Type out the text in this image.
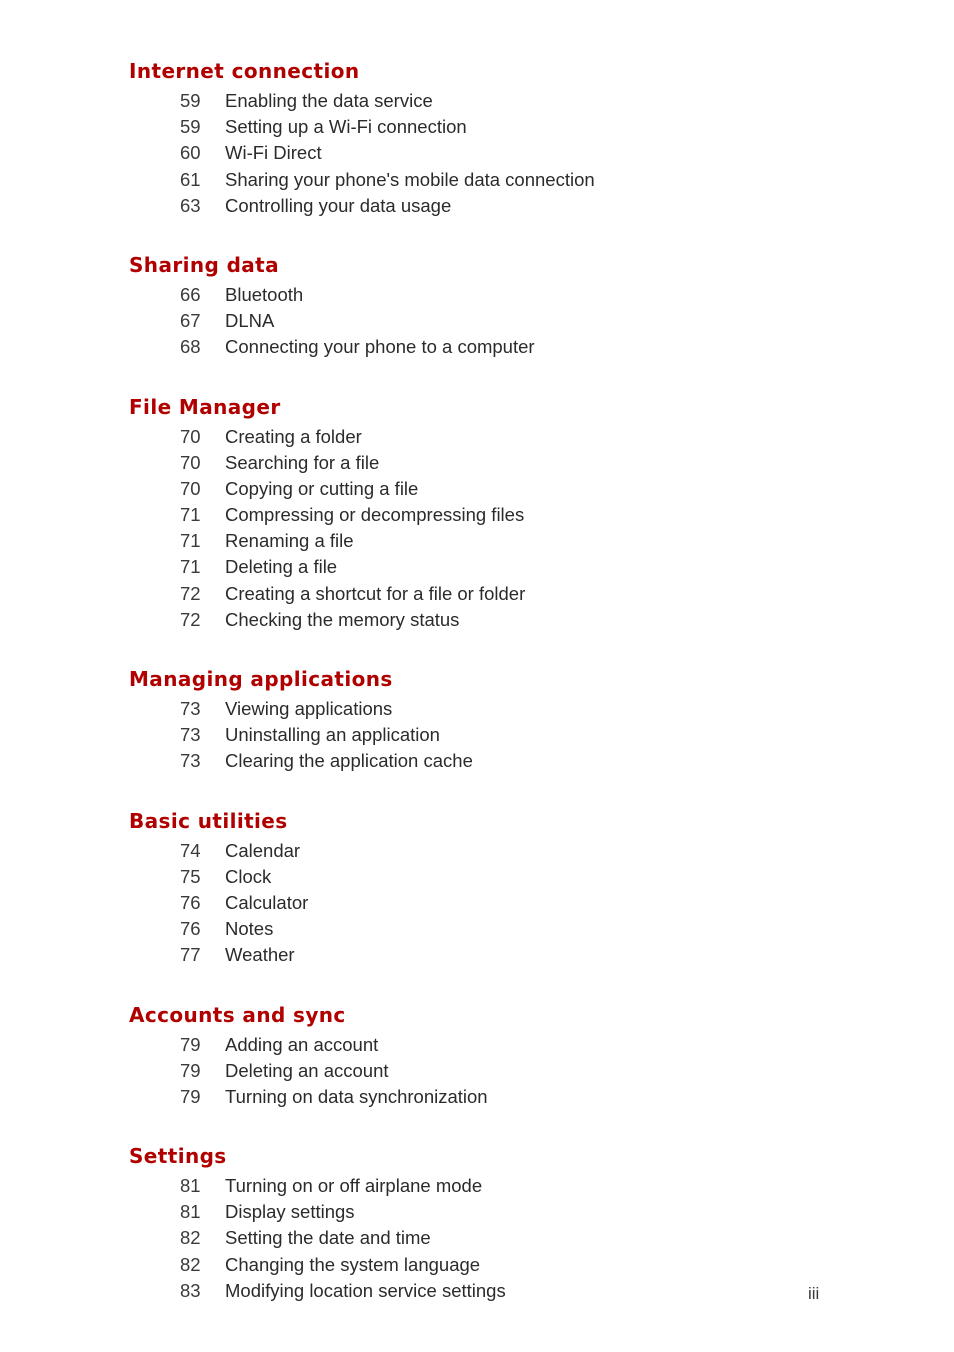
Internet connection
59	Enabling the data service
59	Setting up a Wi-Fi connection
60	Wi-Fi Direct
61	Sharing your phone's mobile data connection
63	Controlling your data usage
Sharing data
66	Bluetooth
67	DLNA
68	Connecting your phone to a computer
File Manager
70	Creating a folder
70	Searching for a file
70	Copying or cutting a file
71	Compressing or decompressing files
71	Renaming a file
71	Deleting a file
72	Creating a shortcut for a file or folder
72	Checking the memory status
Managing applications
73	Viewing applications
73	Uninstalling an application
73	Clearing the application cache
Basic utilities
74	Calendar
75	Clock
76	Calculator
76	Notes
77	Weather
Accounts and sync
79	Adding an account
79	Deleting an account
79	Turning on data synchronization
Settings
81	Turning on or off airplane mode
81	Display settings
82	Setting the date and time
82	Changing the system language
83	Modifying location service settings	iii
